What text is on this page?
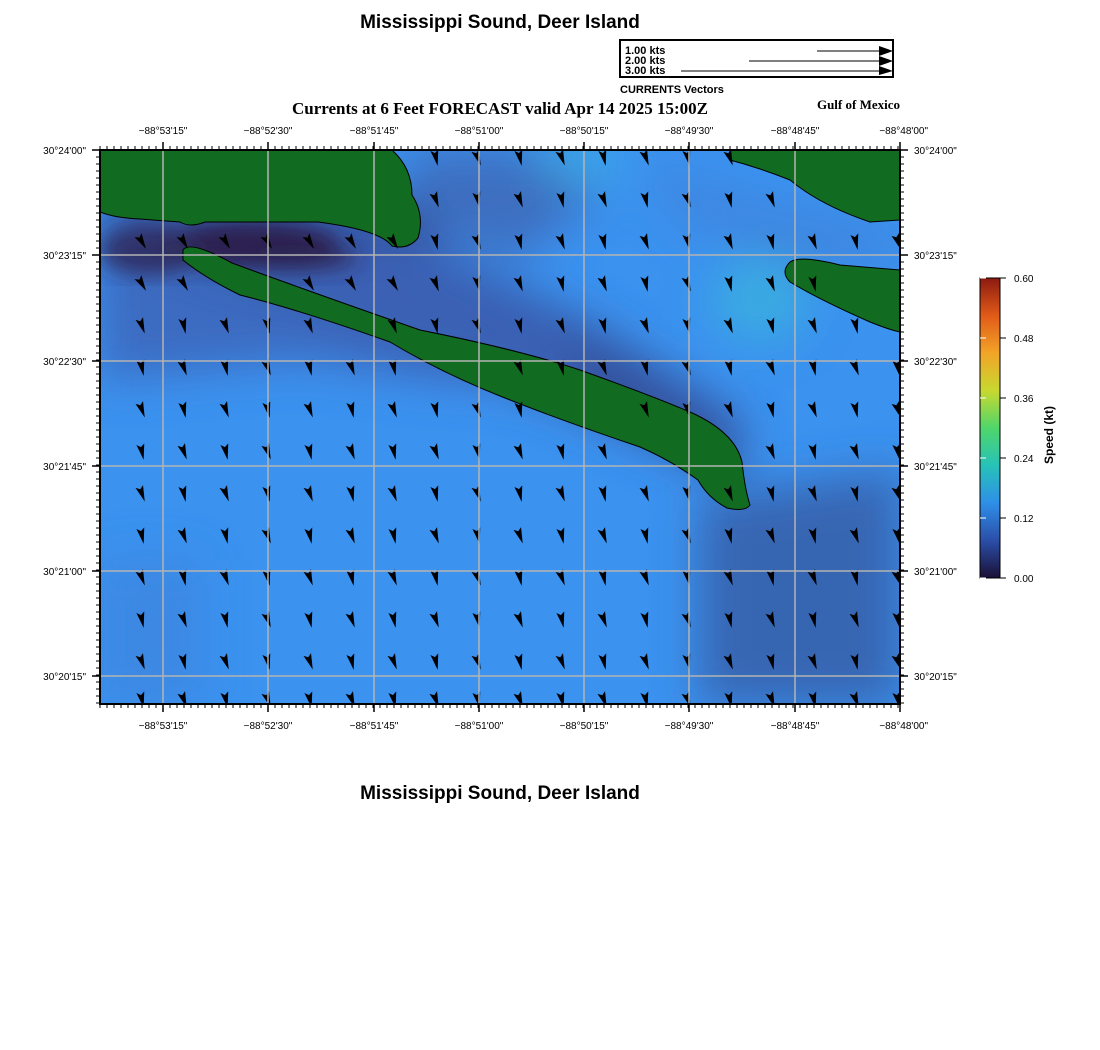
Mississippi Sound, Deer Island
1.00 kts
2.00 kts
3.00 kts
CURRENTS Vectors
Currents at 6 Feet FORECAST valid Apr 14 2025 15:00Z	Gulf of Mexico
−88°53'15"
−88°53'15"
−88°52'30"
−88°52'30"
−88°51'45"
−88°51'45"
−88°51'00"
−88°51'00"
−88°50'15"
−88°50'15"
−88°49'30"
−88°49'30"
−88°48'45"
−88°48'45"
−88°48'00"
−88°48'00"
30°24'00"	30°24'00"
30°23'15"	30°23'15"
30°22'30"	30°22'30"
30°21'45"	30°21'45"
30°21'00"	30°21'00"
30°20'15"	30°20'15"
0.00
0.12
0.24
0.36
0.48
0.60
Speed (kt)
Mississippi Sound, Deer Island
